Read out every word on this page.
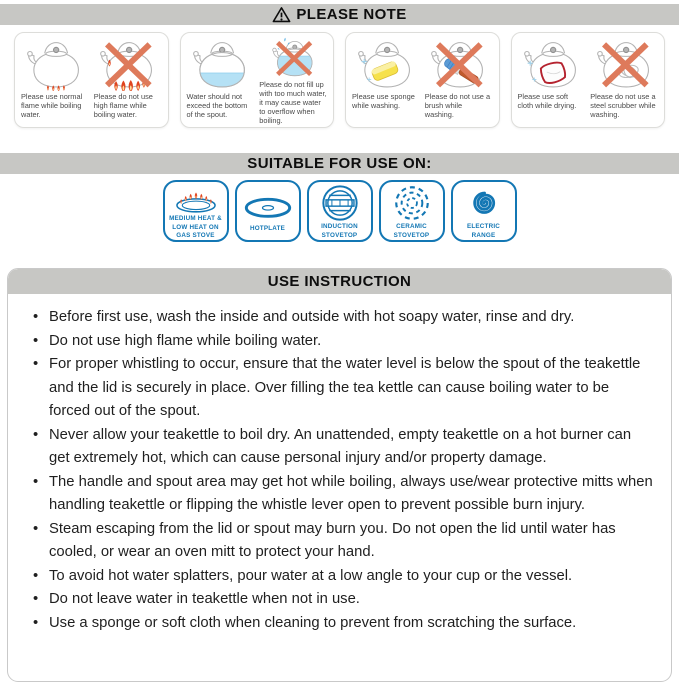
PLEASE NOTE
Please use normal flame while boiling water.
Please do not use high flame while boiling water.
Water should not exceed the bottom of the spout.
Please do not fill up with too much water, it may cause water to overflow when boiling.
Please use sponge while washing.
Please do not use a brush while washing.
Please use soft cloth while drying.
Please do not use a steel scrubber while washing.
SUITABLE FOR USE ON:
MEDIUM HEAT & LOW HEAT ON GAS STOVE
HOTPLATE	INDUCTION STOVETOP
CERAMIC STOVETOP
ELECTRIC RANGE
USE INSTRUCTION
• Before first use, wash the inside and outside with hot soapy water, rinse and dry.
• Do not use high flame while boiling water.
• For proper whistling to occur, ensure that the water level is below the spout of the teakettle and the lid is securely in place. Over filling the tea kettle can cause boiling water to be forced out of the spout.
• Never allow your teakettle to boil dry. An unattended, empty teakettle on a hot burner can get extremely hot, which can cause personal injury and/or property damage.
• The handle and spout area may get hot while boiling, always use/wear protective mitts when handling teakettle or flipping the whistle lever open to prevent possible burn injury.
• Steam escaping from the lid or spout may burn you. Do not open the lid until water has cooled, or wear an oven mitt to protect your hand.
• To avoid hot water splatters, pour water at a low angle to your cup or the vessel.
• Do not leave water in teakettle when not in use.
• Use a sponge or soft cloth when cleaning to prevent from scratching the surface.
